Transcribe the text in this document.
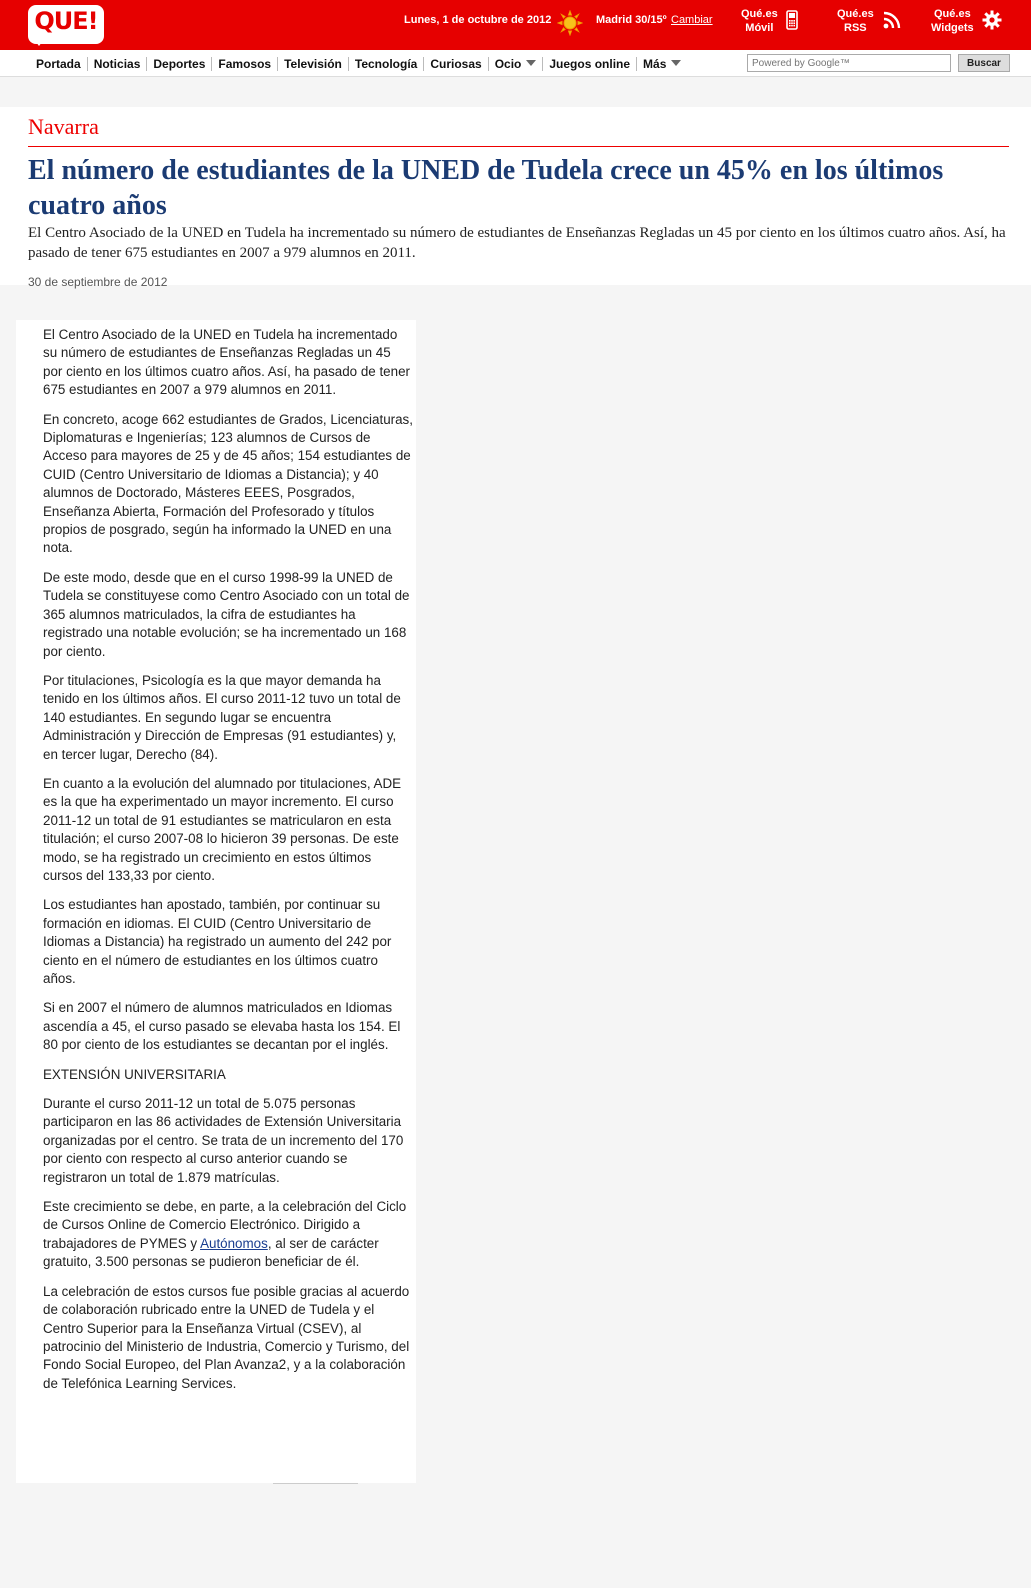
QUE!	Lunes, 1 de octubre de 2012	Madrid 30/15º Cambiar	Qué.es
Móvil
Qué.es
RSS
Qué.es
Widgets
Portada Noticias Deportes Famosos Televisión Tecnología Curiosas Ocio Juegos online Más
Powered by Google™	Buscar
Navarra
El número de estudiantes de la UNED de Tudela crece un 45% en los últimos cuatro años

El Centro Asociado de la UNED en Tudela ha incrementado su número de estudiantes de Enseñanzas Regladas un 45 por ciento en los últimos cuatro años. Así, ha pasado de tener 675 estudiantes en 2007 a 979 alumnos en 2011.

30 de septiembre de 2012

El Centro Asociado de la UNED en Tudela ha incrementado su número de estudiantes de Enseñanzas Regladas un 45 por ciento en los últimos cuatro años. Así, ha pasado de tener 675 estudiantes en 2007 a 979 alumnos en 2011.

En concreto, acoge 662 estudiantes de Grados, Licenciaturas, Diplomaturas e Ingenierías; 123 alumnos de Cursos de Acceso para mayores de 25 y de 45 años; 154 estudiantes de CUID (Centro Universitario de Idiomas a Distancia); y 40 alumnos de Doctorado, Másteres EEES, Posgrados, Enseñanza Abierta, Formación del Profesorado y títulos propios de posgrado, según ha informado la UNED en una nota.

De este modo, desde que en el curso 1998-99 la UNED de Tudela se constituyese como Centro Asociado con un total de 365 alumnos matriculados, la cifra de estudiantes ha registrado una notable evolución; se ha incrementado un 168 por ciento.

Por titulaciones, Psicología es la que mayor demanda ha tenido en los últimos años. El curso 2011-12 tuvo un total de 140 estudiantes. En segundo lugar se encuentra Administración y Dirección de Empresas (91 estudiantes) y, en tercer lugar, Derecho (84).

En cuanto a la evolución del alumnado por titulaciones, ADE es la que ha experimentado un mayor incremento. El curso 2011-12 un total de 91 estudiantes se matricularon en esta titulación; el curso 2007-08 lo hicieron 39 personas. De este modo, se ha registrado un crecimiento en estos últimos cursos del 133,33 por ciento.

Los estudiantes han apostado, también, por continuar su formación en idiomas. El CUID (Centro Universitario de Idiomas a Distancia) ha registrado un aumento del 242 por ciento en el número de estudiantes en los últimos cuatro años.

Si en 2007 el número de alumnos matriculados en Idiomas ascendía a 45, el curso pasado se elevaba hasta los 154. El 80 por ciento de los estudiantes se decantan por el inglés.

EXTENSIÓN UNIVERSITARIA

Durante el curso 2011-12 un total de 5.075 personas participaron en las 86 actividades de Extensión Universitaria organizadas por el centro. Se trata de un incremento del 170 por ciento con respecto al curso anterior cuando se registraron un total de 1.879 matrículas.

Este crecimiento se debe, en parte, a la celebración del Ciclo de Cursos Online de Comercio Electrónico. Dirigido a trabajadores de PYMES y Autónomos, al ser de carácter gratuito, 3.500 personas se pudieron beneficiar de él.

La celebración de estos cursos fue posible gracias al acuerdo de colaboración rubricado entre la UNED de Tudela y el Centro Superior para la Enseñanza Virtual (CSEV), al patrocinio del Ministerio de Industria, Comercio y Turismo, del Fondo Social Europeo, del Plan Avanza2, y a la colaboración de Telefónica Learning Services.
